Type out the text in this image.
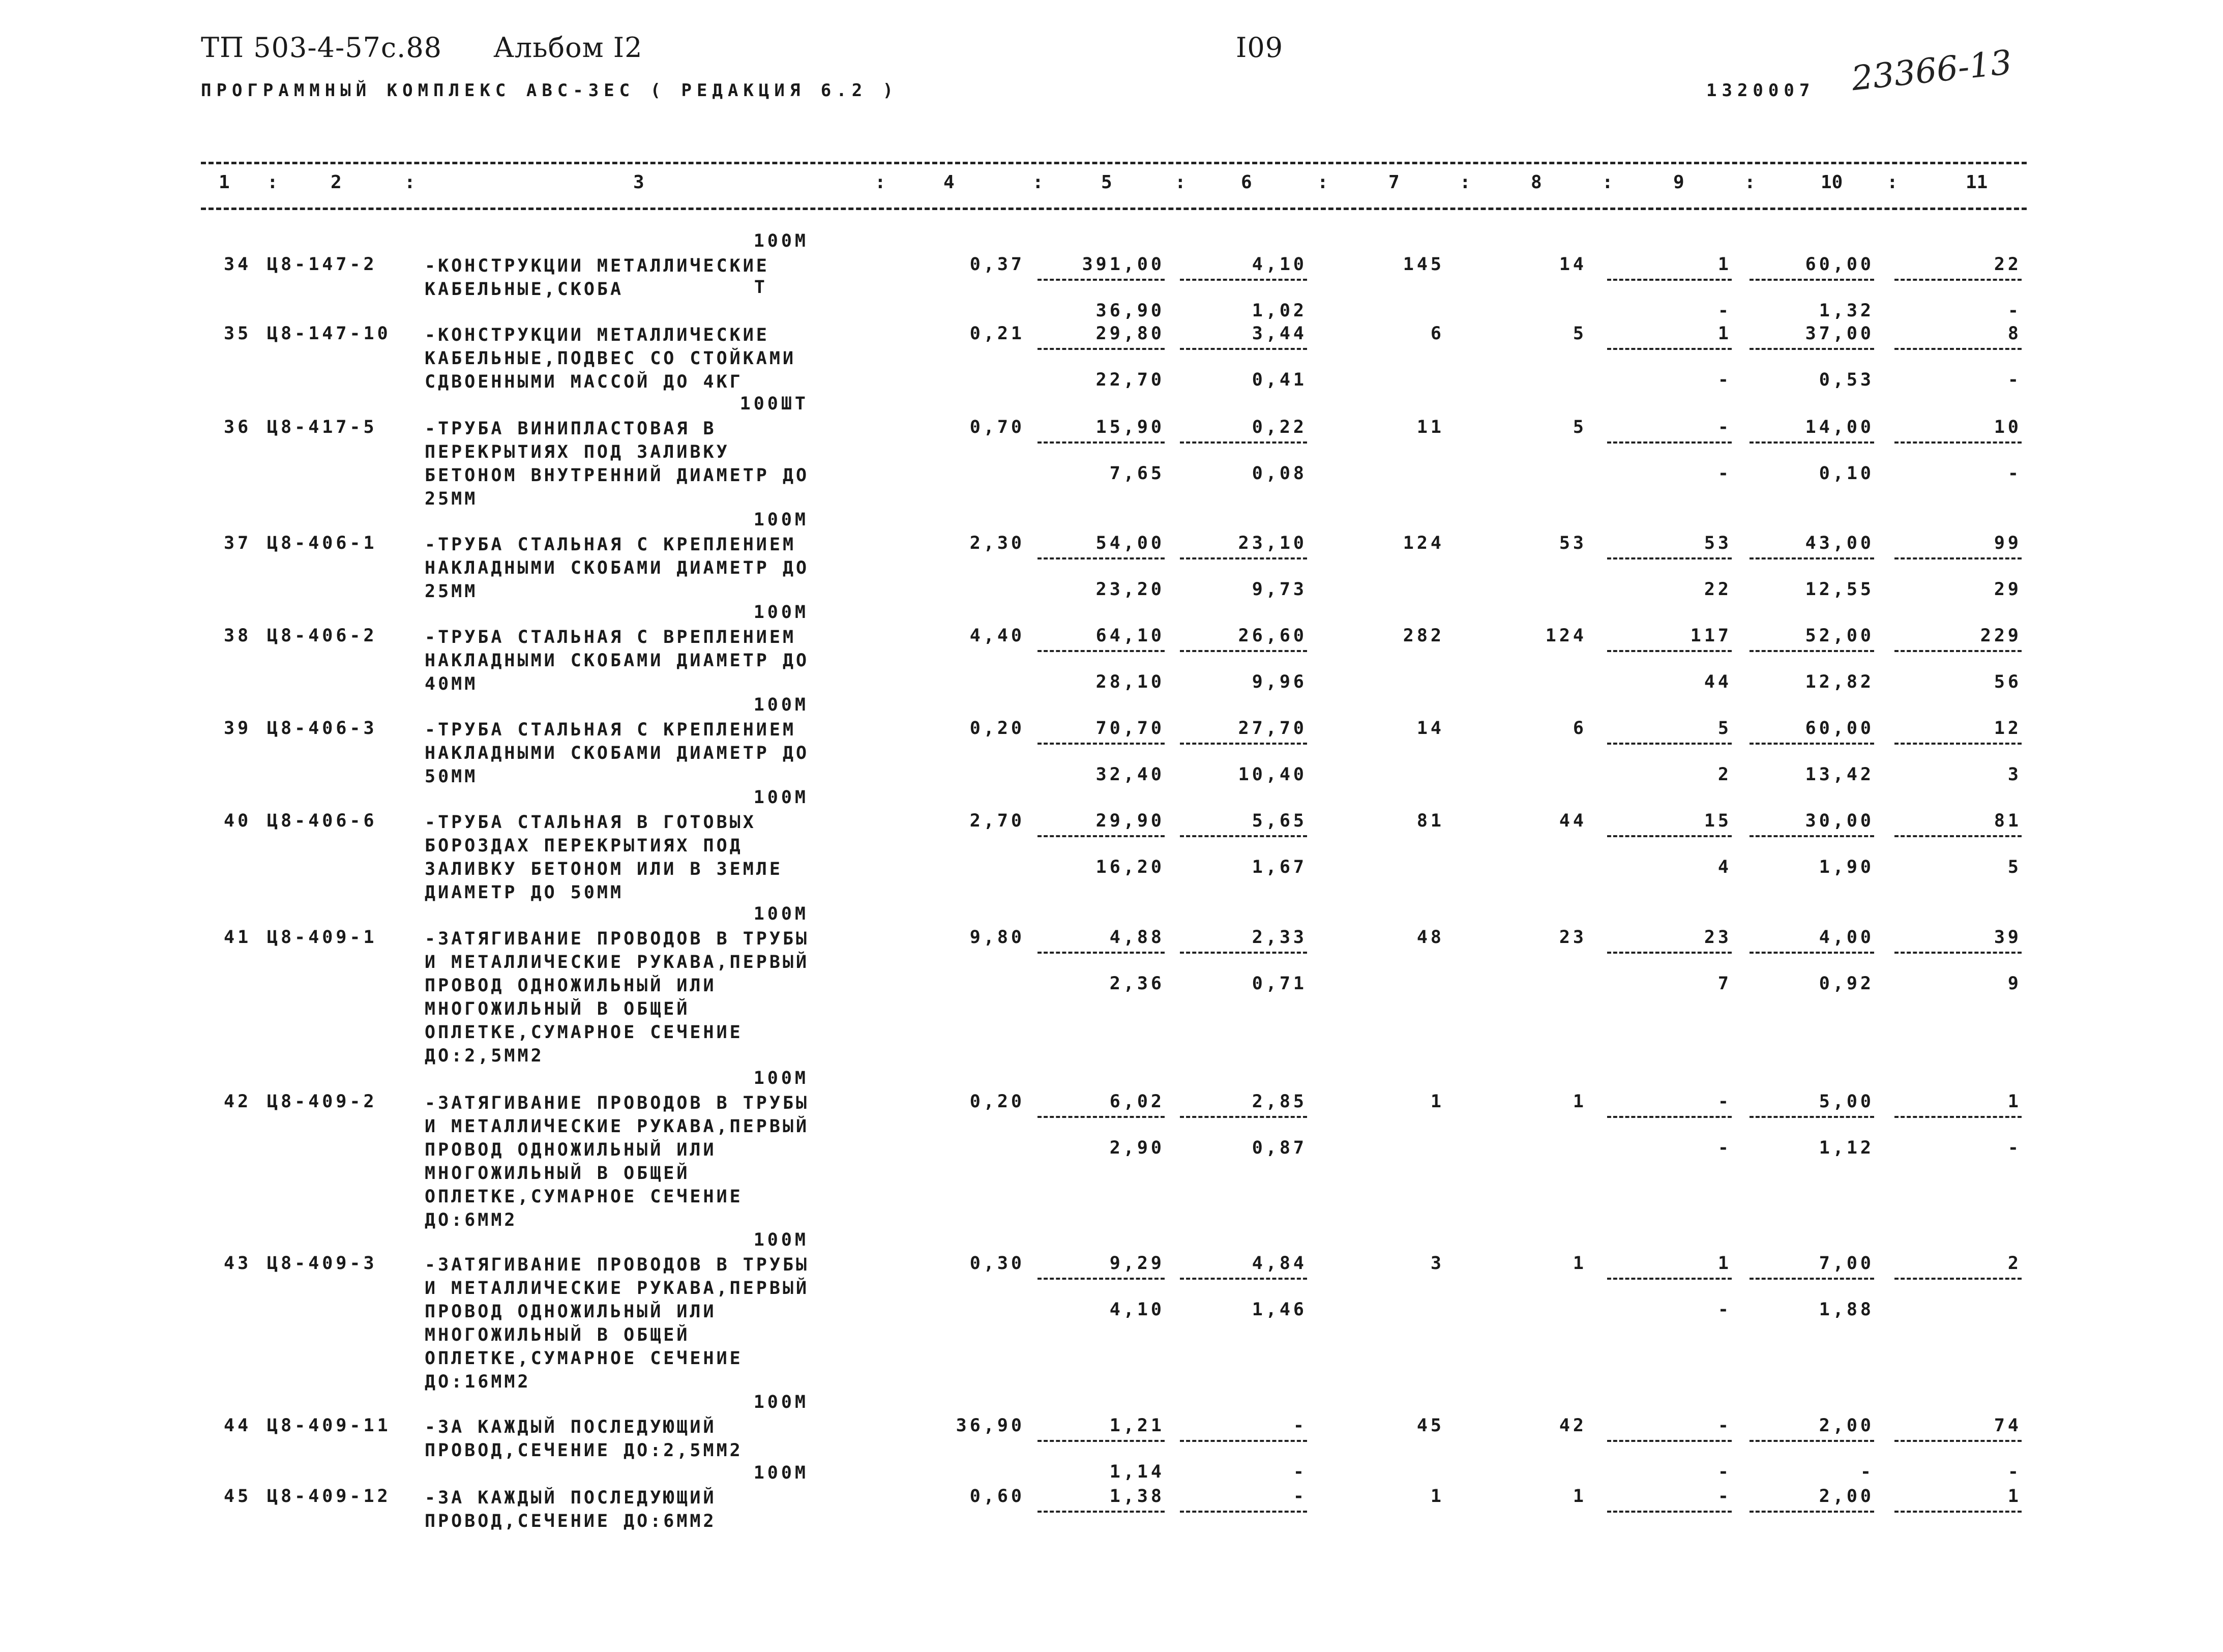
ТП 503-4-57с.88 Альбом I2	I09
ПРОГРАММНЫЙ КОМПЛЕКС АВС-3ЕС ( РЕДАКЦИЯ 6.2 )	1320007 23366-13
1	2	3	4	5	6	7	8	9	10	11
:	:	:	:	:	:	:	:	:	:
100М
34 Ц8-147-2	-КОНСТРУКЦИИ МЕТАЛЛИЧЕСКИЕ
КАБЕЛЬНЫЕ,СКОБА
0,37	391,00	4,10	145	14	1	60,00	22
Т
36,90	1,02	-	1,32	-
35 Ц8-147-10 -КОНСТРУКЦИИ МЕТАЛЛИЧЕСКИЕ
КАБЕЛЬНЫЕ,ПОДВЕС СО СТОЙКАМИ
СДВОЕННЫМИ МАССОЙ ДО 4КГ
0,21	29,80	3,44	6	5	1	37,00	8
22,70	0,41	-	0,53	-
100ШТ
36 Ц8-417-5	-ТРУБА ВИНИПЛАСТОВАЯ В
ПЕРЕКРЫТИЯХ ПОД ЗАЛИВКУ
БЕТОНОМ ВНУТРЕННИЙ ДИАМЕТР ДО
25ММ
0,70	15,90	0,22	11	5	-	14,00	10
7,65	0,08	-	0,10	-
100М
37 Ц8-406-1	-ТРУБА СТАЛЬНАЯ С КРЕПЛЕНИЕМ
НАКЛАДНЫМИ СКОБАМИ ДИАМЕТР ДО
25ММ
2,30	54,00	23,10	124	53	53	43,00	99
23,20	9,73	22	12,55	29
100М
38 Ц8-406-2	-ТРУБА СТАЛЬНАЯ С ВРЕПЛЕНИЕМ
НАКЛАДНЫМИ СКОБАМИ ДИАМЕТР ДО
40ММ
4,40	64,10	26,60	282	124	117	52,00	229
28,10	9,96	44	12,82	56
100М
39 Ц8-406-3	-ТРУБА СТАЛЬНАЯ С КРЕПЛЕНИЕМ
НАКЛАДНЫМИ СКОБАМИ ДИАМЕТР ДО
50ММ
0,20	70,70	27,70	14	6	5	60,00	12
32,40	10,40	2	13,42	3
100М
40 Ц8-406-6	-ТРУБА СТАЛЬНАЯ В ГОТОВЫХ
БОРОЗДАХ ПЕРЕКРЫТИЯХ ПОД
ЗАЛИВКУ БЕТОНОМ ИЛИ В ЗЕМЛЕ
ДИАМЕТР ДО 50ММ
2,70	29,90	5,65	81	44	15	30,00	81
16,20	1,67	4	1,90	5
100М
41 Ц8-409-1	-ЗАТЯГИВАНИЕ ПРОВОДОВ В ТРУБЫ
И МЕТАЛЛИЧЕСКИЕ РУКАВА,ПЕРВЫЙ
ПРОВОД ОДНОЖИЛЬНЫЙ ИЛИ
МНОГОЖИЛЬНЫЙ В ОБЩЕЙ
ОПЛЕТКЕ,СУМАРНОЕ СЕЧЕНИЕ
ДО:2,5ММ2
9,80	4,88	2,33	48	23	23	4,00	39
2,36	0,71	7	0,92	9
100М
42 Ц8-409-2	-ЗАТЯГИВАНИЕ ПРОВОДОВ В ТРУБЫ
И МЕТАЛЛИЧЕСКИЕ РУКАВА,ПЕРВЫЙ
ПРОВОД ОДНОЖИЛЬНЫЙ ИЛИ
МНОГОЖИЛЬНЫЙ В ОБЩЕЙ
ОПЛЕТКЕ,СУМАРНОЕ СЕЧЕНИЕ
ДО:6ММ2
0,20	6,02	2,85	1	1	-	5,00	1
2,90	0,87	-	1,12	-
100М
43 Ц8-409-3	-ЗАТЯГИВАНИЕ ПРОВОДОВ В ТРУБЫ
И МЕТАЛЛИЧЕСКИЕ РУКАВА,ПЕРВЫЙ
ПРОВОД ОДНОЖИЛЬНЫЙ ИЛИ
МНОГОЖИЛЬНЫЙ В ОБЩЕЙ
ОПЛЕТКЕ,СУМАРНОЕ СЕЧЕНИЕ
ДО:16ММ2
0,30	9,29	4,84	3	1	1	7,00	2
4,10	1,46	-	1,88
100М
44 Ц8-409-11 -ЗА КАЖДЫЙ ПОСЛЕДУЮЩИЙ
ПРОВОД,СЕЧЕНИЕ ДО:2,5ММ2
36,90	1,21	-	45	42	-	2,00	74
1,14	-	-	-	-
100М
45 Ц8-409-12 -ЗА КАЖДЫЙ ПОСЛЕДУЮЩИЙ
ПРОВОД,СЕЧЕНИЕ ДО:6ММ2
0,60	1,38	-	1	1	-	2,00	1
